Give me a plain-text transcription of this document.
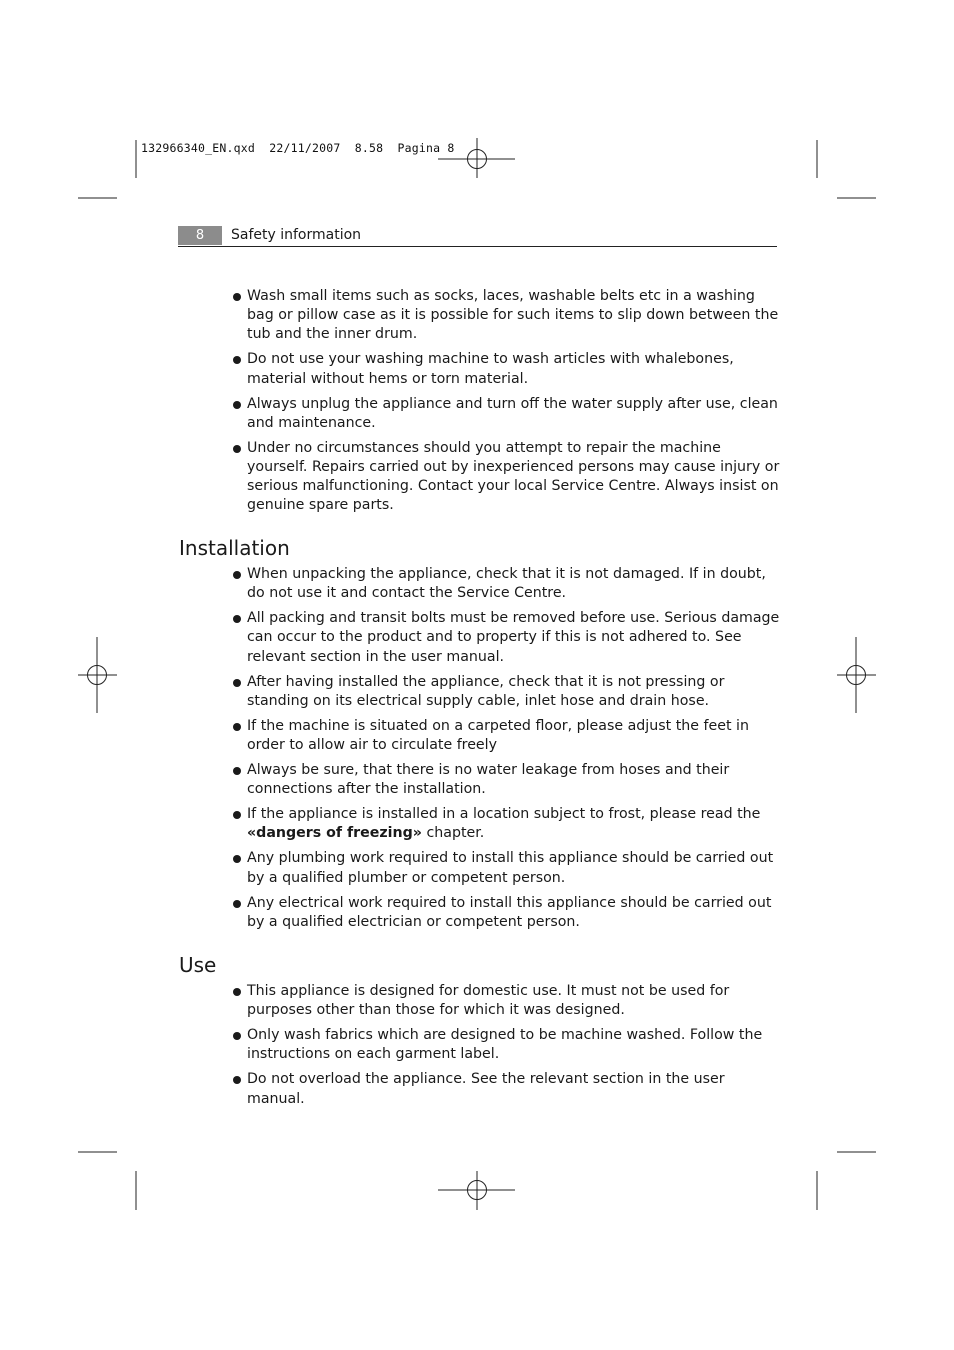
132966340_EN.qxd  22/11/2007  8.58  Pagina 8
8	Safety information
Wash small items such as socks, laces, washable belts etc in a washing bag or pillow case as it is possible for such items to slip down between the tub and the inner drum.
Do not use your washing machine to wash articles with whalebones, material without hems or torn material.
Always unplug the appliance and turn off the water supply after use, clean and maintenance.
Under no circumstances should you attempt to repair the machine yourself. Repairs carried out by inexperienced persons may cause injury or serious malfunctioning. Contact your local Service Centre. Always insist on genuine spare parts.
Installation
When unpacking the appliance, check that it is not damaged. If in doubt, do not use it and contact the Service Centre.
All packing and transit bolts must be removed before use. Serious damage can occur to the product and to property if this is not adhered to. See relevant section in the user manual.
After having installed the appliance, check that it is not pressing or standing on its electrical supply cable, inlet hose and drain hose.
If the machine is situated on a carpeted floor, please adjust the feet in order to allow air to circulate freely
Always be sure, that there is no water leakage from hoses and their connections after the installation.
If the appliance is installed in a location subject to frost, please read the «dangers of freezing» chapter.
Any plumbing work required to install this appliance should be carried out by a qualified plumber or competent person.
Any electrical work required to install this appliance should be carried out by a qualified electrician or competent person.
Use
This appliance is designed for domestic use. It must not be used for purposes other than those for which it was designed.
Only wash fabrics which are designed to be machine washed. Follow the instructions on each garment label.
Do not overload the appliance. See the relevant section in the user manual.
